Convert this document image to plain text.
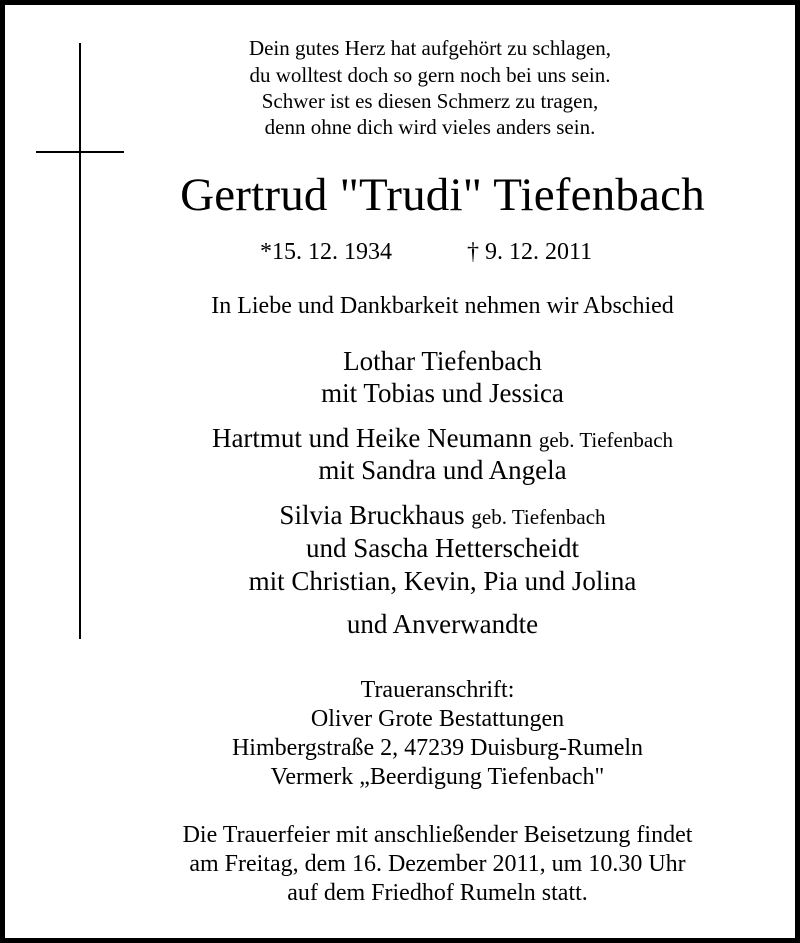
Dein gutes Herz hat aufgehört zu schlagen,
du wolltest doch so gern noch bei uns sein.
Schwer ist es diesen Schmerz zu tragen,
denn ohne dich wird vieles anders sein.
Gertrud "Trudi" Tiefenbach
*15. 12. 1934	† 9. 12. 2011
In Liebe und Dankbarkeit nehmen wir Abschied
Lothar Tiefenbach
mit Tobias und Jessica
Hartmut und Heike Neumann geb. Tiefenbach
mit Sandra und Angela
Silvia Bruckhaus geb. Tiefenbach
und Sascha Hetterscheidt
mit Christian, Kevin, Pia und Jolina
und Anverwandte
Traueranschrift:
Oliver Grote Bestattungen
Himbergstraße 2, 47239 Duisburg-Rumeln
Vermerk „Beerdigung Tiefenbach"
Die Trauerfeier mit anschließender Beisetzung findet
am Freitag, dem 16. Dezember 2011, um 10.30 Uhr
auf dem Friedhof Rumeln statt.
